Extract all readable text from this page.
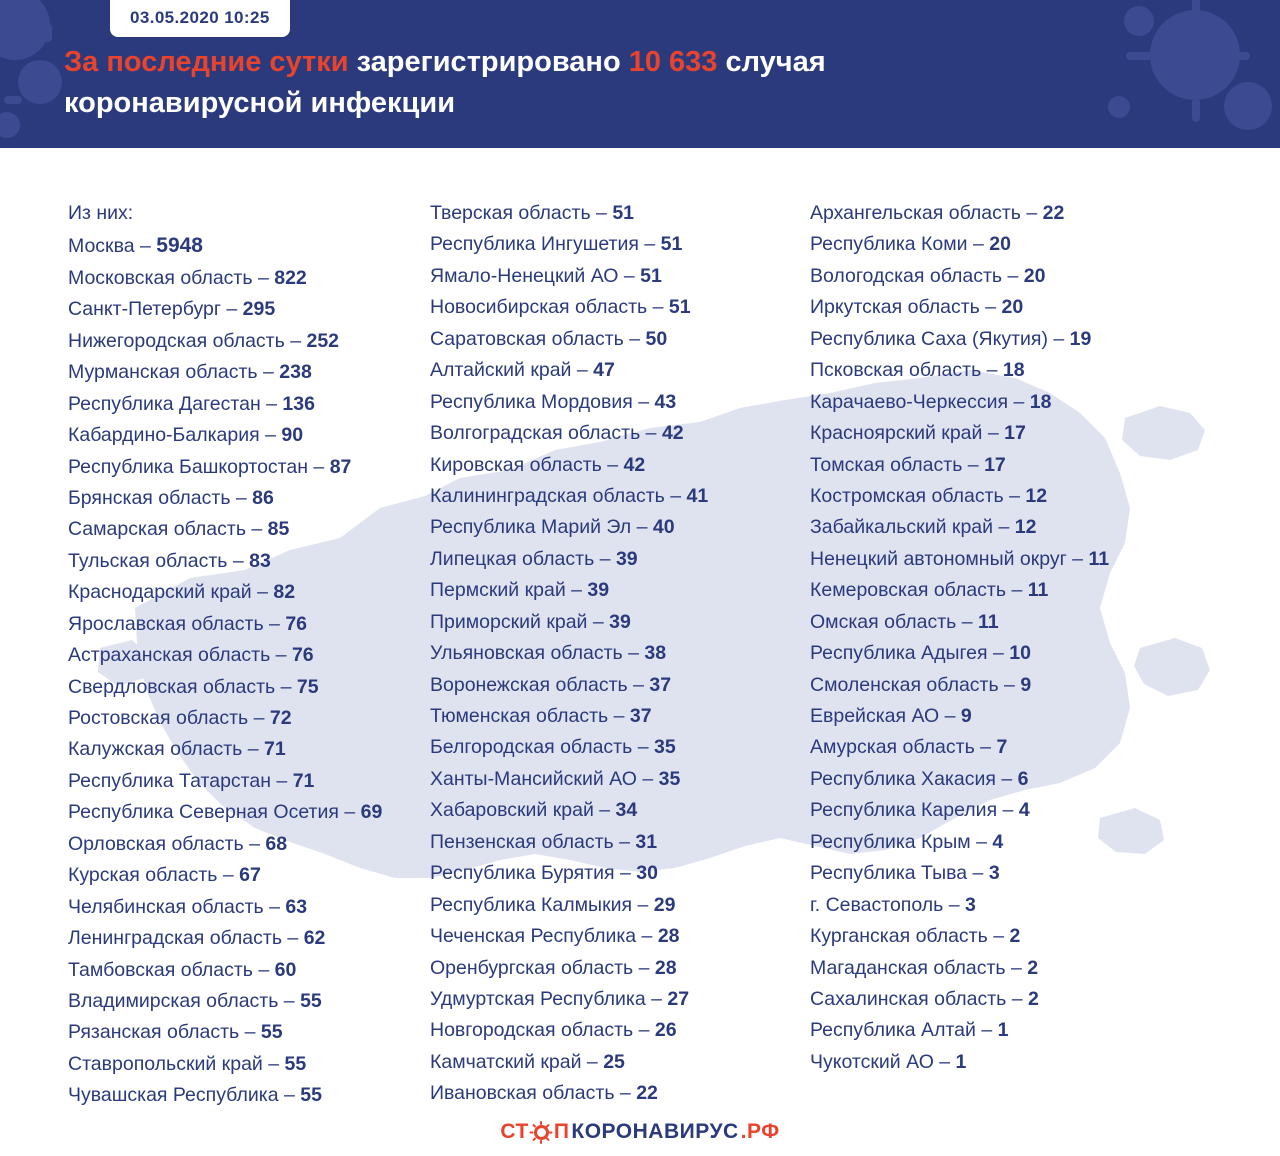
03.05.2020 10:25
За последние сутки зарегистрировано 10 633 случая
коронавирусной инфекции
Из них:
Москва – 5948
Московская область – 822
Санкт-Петербург – 295
Нижегородская область – 252
Мурманская область – 238
Республика Дагестан – 136
Кабардино-Балкария – 90
Республика Башкортостан – 87
Брянская область – 86
Самарская область – 85
Тульская область – 83
Краснодарский край – 82
Ярославская область – 76
Астраханская область – 76
Свердловская область – 75
Ростовская область – 72
Калужская область – 71
Республика Татарстан – 71
Республика Северная Осетия – 69
Орловская область – 68
Курская область – 67
Челябинская область – 63
Ленинградская область – 62
Тамбовская область – 60
Владимирская область – 55
Рязанская область – 55
Ставропольский край – 55
Чувашская Республика – 55
Тверская область – 51
Республика Ингушетия – 51
Ямало-Ненецкий АО – 51
Новосибирская область – 51
Саратовская область – 50
Алтайский край – 47
Республика Мордовия – 43
Волгоградская область – 42
Кировская область – 42
Калининградская область – 41
Республика Марий Эл – 40
Липецкая область – 39
Пермский край – 39
Приморский край – 39
Ульяновская область – 38
Воронежская область – 37
Тюменская область – 37
Белгородская область – 35
Ханты-Мансийский АО – 35
Хабаровский край – 34
Пензенская область – 31
Республика Бурятия – 30
Республика Калмыкия – 29
Чеченская Республика – 28
Оренбургская область – 28
Удмуртская Республика – 27
Новгородская область – 26
Камчатский край – 25
Ивановская область – 22
Архангельская область – 22
Республика Коми – 20
Вологодская область – 20
Иркутская область – 20
Республика Саха (Якутия) – 19
Псковская область – 18
Карачаево-Черкессия – 18
Красноярский край – 17
Томская область – 17
Костромская область – 12
Забайкальский край – 12
Ненецкий автономный округ – 11
Кемеровская область – 11
Омская область – 11
Республика Адыгея – 10
Смоленская область – 9
Еврейская АО – 9
Амурская область – 7
Республика Хакасия – 6
Республика Карелия – 4
Республика Крым – 4
Республика Тыва – 3
г. Севастополь – 3
Курганская область – 2
Магаданская область – 2
Сахалинская область – 2
Республика Алтай – 1
Чукотский АО – 1
СТ П КОРОНАВИРУС .РФ
